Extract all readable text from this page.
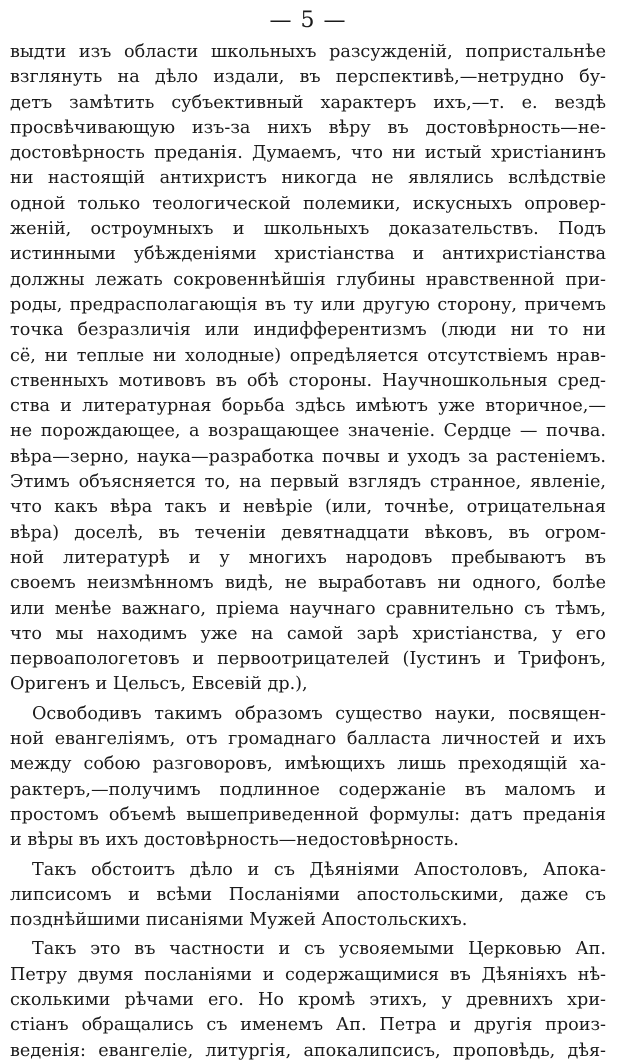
— 5 —
выдти изъ области школьныхъ разсужденій, попристальнѣе
взглянуть на дѣло издали, въ перспективѣ,—нетрудно бу-
детъ замѣтить субъективный характеръ ихъ,—т. е. вездѣ
просвѣчивающую изъ-за нихъ вѣру въ достовѣрность—не-
достовѣрность преданія. Думаемъ, что ни истый христіанинъ
ни настоящій антихристъ никогда не являлись вслѣдствіе
одной только теологической полемики, искусныхъ опровер-
женій, остроумныхъ и школьныхъ доказательствъ. Подъ
истинными убѣжденіями христіанства и антихристіанства
должны лежать сокровеннѣйшія глубины нравственной при-
роды, предрасполагающія въ ту или другую сторону, причемъ
точка безразличія или индифферентизмъ (люди ни то ни
сё, ни теплые ни холодные) опредѣляется отсутствіемъ нрав-
ственныхъ мотивовъ въ обѣ стороны. Научношкольныя сред-
ства и литературная борьба здѣсь имѣютъ уже вторичное,—
не порождающее, а возращающее значеніе. Сердце — почва.
вѣра—зерно, наука—разработка почвы и уходъ за растеніемъ.
Этимъ объясняется то, на первый взглядъ странное, явленіе,
что какъ вѣра такъ и невѣріе (или, точнѣе, отрицательная
вѣра) доселѣ, въ теченіи девятнадцати вѣковъ, въ огром-
ной литературѣ и у многихъ народовъ пребываютъ въ
своемъ неизмѣнномъ видѣ, не выработавъ ни одного, болѣе
или менѣе важнаго, пріема научнаго сравнительно съ тѣмъ,
что мы находимъ уже на самой зарѣ христіанства, у его
первоапологетовъ и первоотрицателей (Іустинъ и Трифонъ,
Оригенъ и Цельсъ, Евсевій др.),
Освободивъ такимъ образомъ существо науки, посвящен-
ной евангеліямъ, отъ громаднаго балласта личностей и ихъ
между собою разговоровъ, имѣющихъ лишь преходящій ха-
рактеръ,—получимъ подлинное содержаніе въ маломъ и
простомъ объемѣ вышеприведенной формулы: датъ преданія
и вѣры въ ихъ достовѣрность—недостовѣрность.
Такъ обстоитъ дѣло и съ Дѣяніями Апостоловъ, Апока-
липсисомъ и всѣми Посланіями апостольскими, даже съ
позднѣйшими писаніями Мужей Апостольскихъ.
Такъ это въ частности и съ усвояемыми Церковью Ап.
Петру двумя посланіями и содержащимися въ Дѣяніяхъ нѣ-
сколькими рѣчами его. Но кромѣ этихъ, у древнихъ хри-
стіанъ обращались съ именемъ Ап. Петра и другія произ-
веденія: евангеліе, литургія, апокалипсисъ, проповѣдь, дѣя-
